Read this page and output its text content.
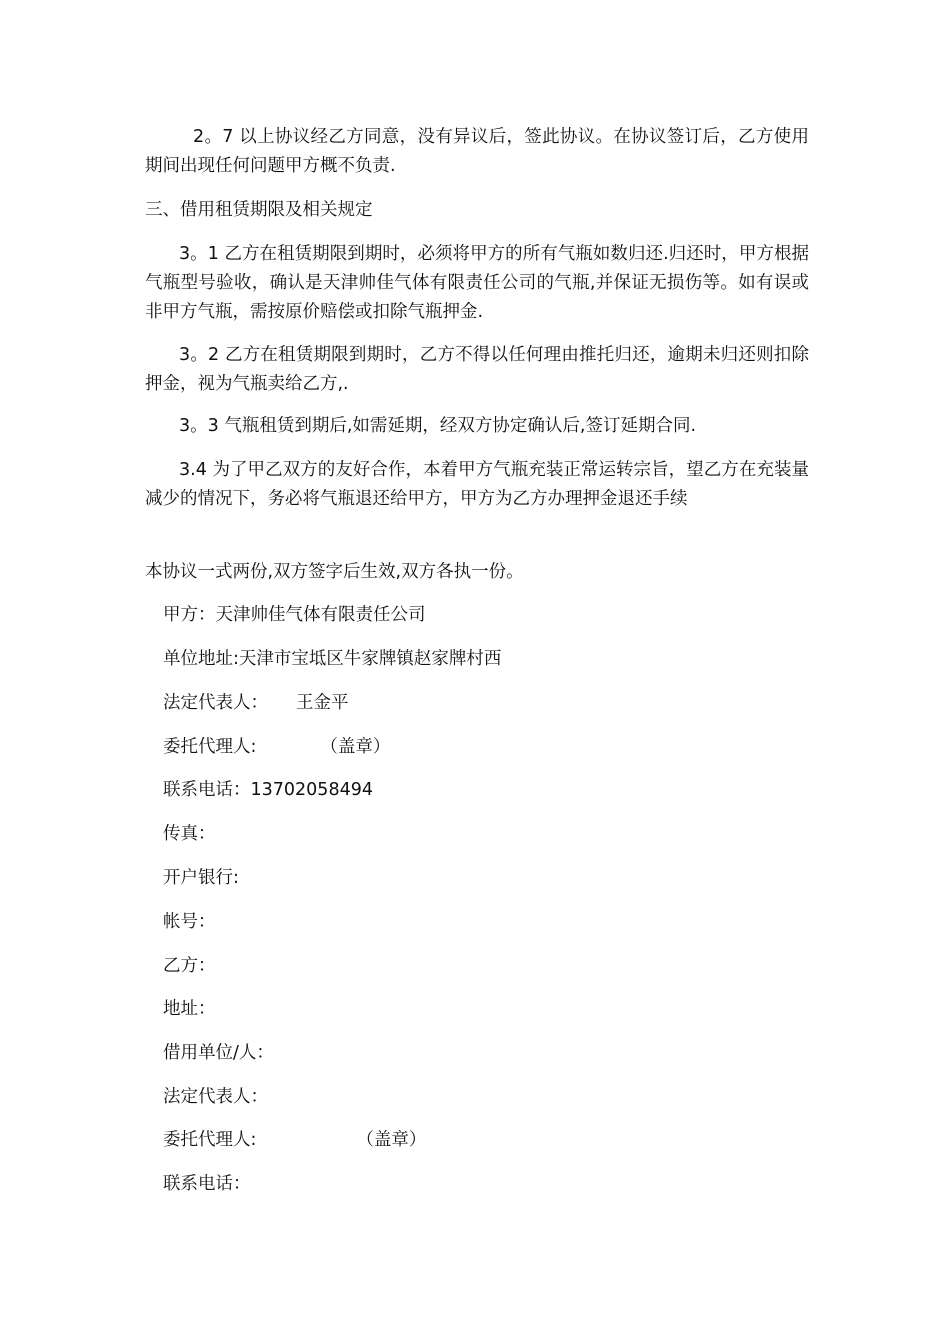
2。7 以上协议经乙方同意，没有异议后，签此协议。在协议签订后，乙方使用期间出现任何问题甲方概不负责.

三、借用租赁期限及相关规定

3。1 乙方在租赁期限到期时，必须将甲方的所有气瓶如数归还.归还时，甲方根据气瓶型号验收，确认是天津帅佳气体有限责任公司的气瓶,并保证无损伤等。如有误或非甲方气瓶，需按原价赔偿或扣除气瓶押金.

3。2 乙方在租赁期限到期时，乙方不得以任何理由推托归还，逾期未归还则扣除押金，视为气瓶卖给乙方,.

3。3 气瓶租赁到期后,如需延期，经双方协定确认后,签订延期合同.

3.4 为了甲乙双方的友好合作，本着甲方气瓶充装正常运转宗旨，望乙方在充装量减少的情况下，务必将气瓶退还给甲方，甲方为乙方办理押金退还手续

本协议一式两份,双方签字后生效,双方各执一份。

甲方：天津帅佳气体有限责任公司
单位地址:天津市宝坻区牛家牌镇赵家牌村西
法定代表人： 王金平
委托代理人:	（盖章）
联系电话：13702058494
传真：
开户银行:
帐号：
乙方：
地址：
借用单位/人：
法定代表人：
委托代理人:	（盖章）
联系电话：
